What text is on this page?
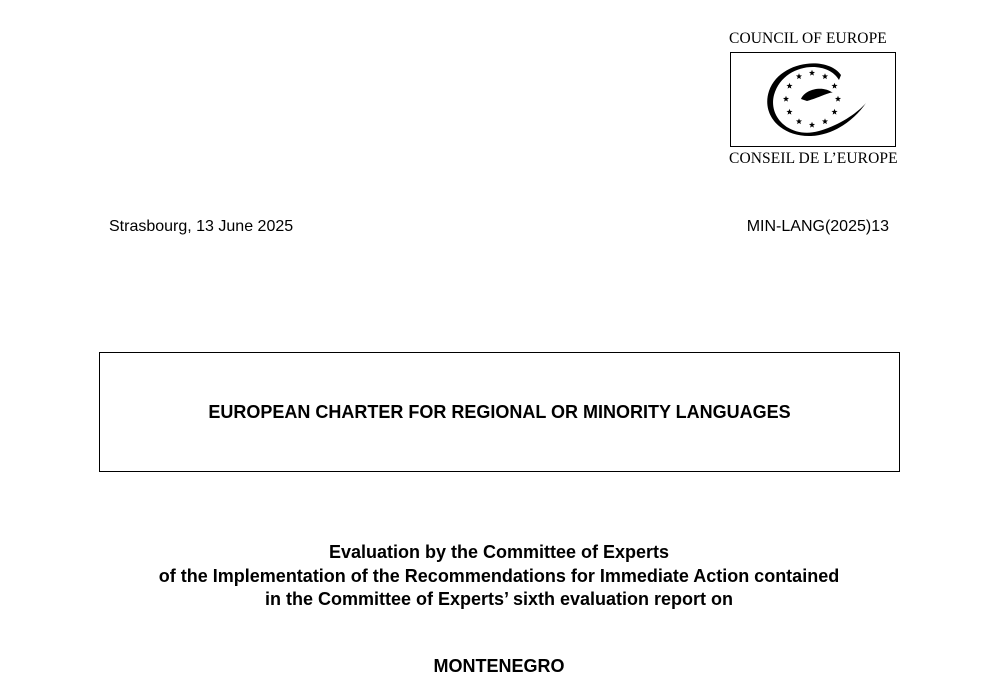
COUNCIL OF EUROPE
CONSEIL DE L’EUROPE
Strasbourg, 13 June 2025	MIN-LANG(2025)13
EUROPEAN CHARTER FOR REGIONAL OR MINORITY LANGUAGES
Evaluation by the Committee of Experts
of the Implementation of the Recommendations for Immediate Action contained
in the Committee of Experts’ sixth evaluation report on
MONTENEGRO
